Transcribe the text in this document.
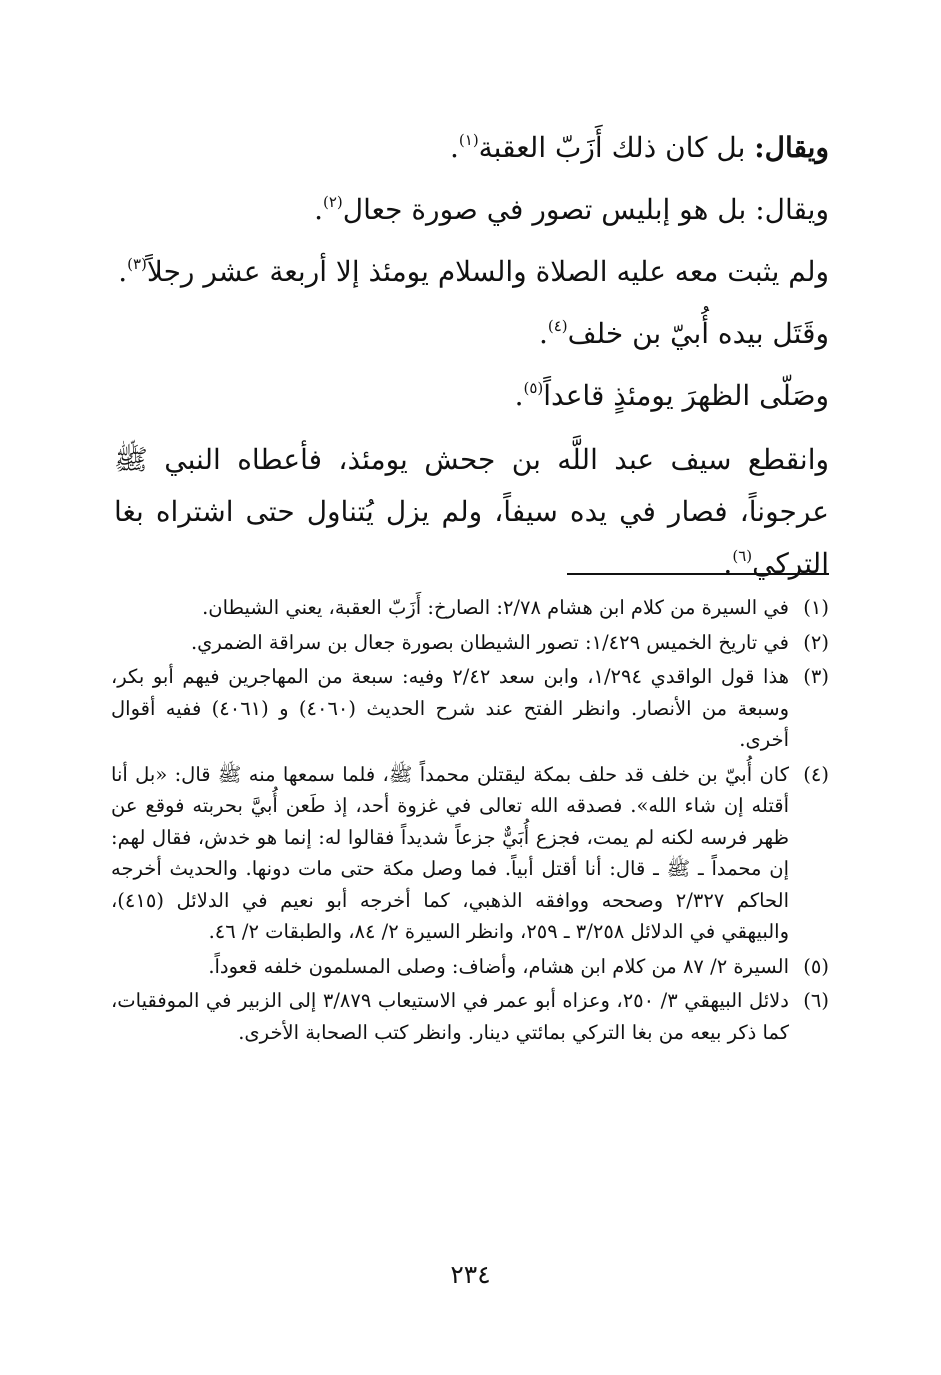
ويقال: بل كان ذلك أَزَبّ العقبة$^{(١)}$.

ويقال: بل هو إبليس تصور في صورة جعال$^{(٢)}$.

ولم يثبت معه عليه الصلاة والسلام يومئذ إلا أربعة عشر رجلاً$^{(٣)}$.

وقَتَل بيده أُبيّ بن خلف$^{(٤)}$.

وصَلّى الظهرَ يومئذٍ قاعداً$^{(٥)}$.

وانقطع سيف عبد اللَّه بن جحش يومئذ، فأعطاه النبي ﷺ عرجوناً، فصار في يده سيفاً، ولم يزل يُتناول حتى اشتراه بغا التركي$^{(٦)}$.

(١)
في السيرة من كلام ابن هشام ٢/٧٨: الصارخ: أَزَبّ العقبة، يعني الشيطان.
(٢)
في تاريخ الخميس ١/٤٢٩: تصور الشيطان بصورة جعال بن سراقة الضمري.
(٣)
هذا قول الواقدي ١/٢٩٤، وابن سعد ٢/٤٢ وفيه: سبعة من المهاجرين فيهم أبو بكر، وسبعة من الأنصار. وانظر الفتح عند شرح الحديث (٤٠٦٠) و (٤٠٦١) ففيه أقوال أخرى.
(٤)
كان أُبيّ بن خلف قد حلف بمكة ليقتلن محمداً ﷺ، فلما سمعها منه ﷺ قال: «بل أنا أقتله إن شاء الله». فصدقه الله تعالى في غزوة أحد، إذ طَعن أُبيَّ بحربته فوقع عن ظهر فرسه لكنه لم يمت، فجزع أُبَيٌّ جزعاً شديداً فقالوا له: إنما هو خدش، فقال لهم: إن محمداً ـ ﷺ ـ قال: أنا أقتل أبياً. فما وصل مكة حتى مات دونها. والحديث أخرجه الحاكم ٢/٣٢٧ وصححه ووافقه الذهبي، كما أخرجه أبو نعيم في الدلائل (٤١٥)، والبيهقي في الدلائل ٣/٢٥٨ ـ ٢٥٩، وانظر السيرة ٢/ ٨٤، والطبقات ٢/ ٤٦.
(٥)
السيرة ٢/ ٨٧ من كلام ابن هشام، وأضاف: وصلى المسلمون خلفه قعوداً.
(٦)
دلائل البيهقي ٣/ ٢٥٠، وعزاه أبو عمر في الاستيعاب ٣/٨٧٩ إلى الزبير في الموفقيات، كما ذكر بيعه من بغا التركي بمائتي دينار. وانظر كتب الصحابة الأخرى.
٢٣٤
